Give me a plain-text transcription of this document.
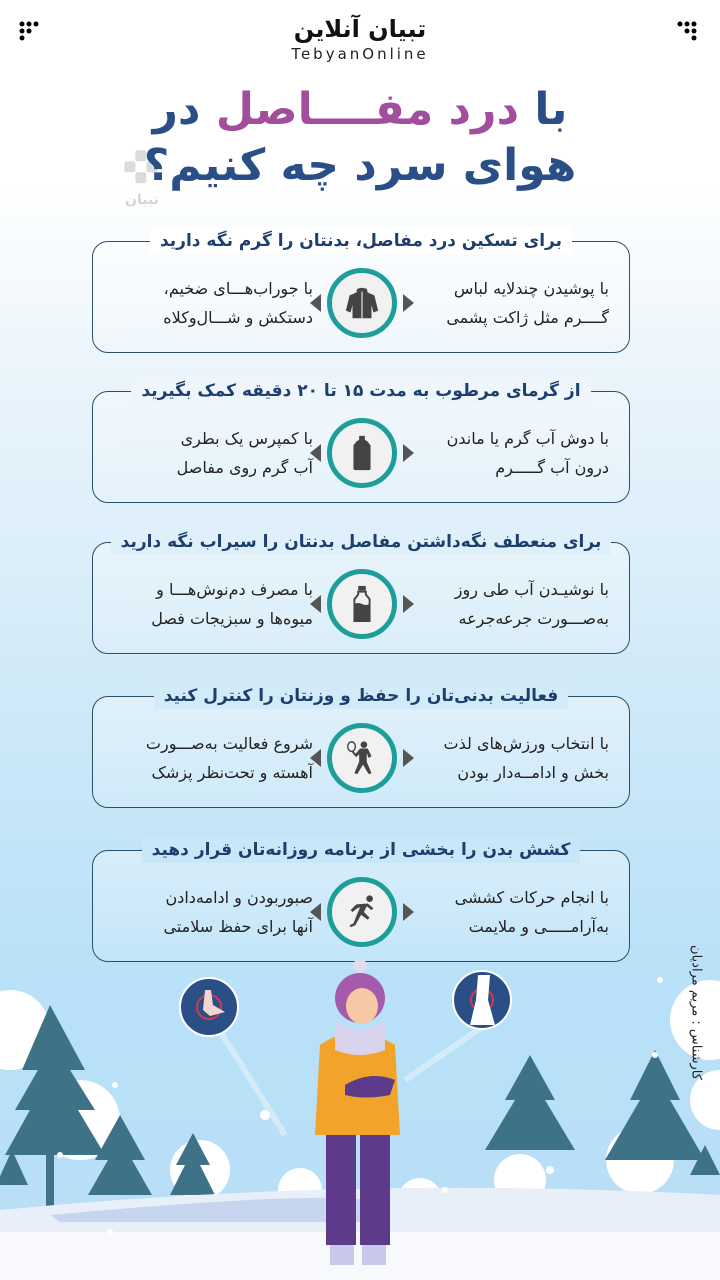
تبیان آنلاین
TebyanOnline
تبیان
با درد مفــــاصل در
هوای سرد چه کنیم؟
برای تسکین درد مفاصل، بدنتان را گرم نگه دارید
با پوشیدن چندلایه لباس
گــــرم مثل ژاکت پشمی
با جوراب‌هـــای ضخیم،
دستکش و شـــال‌وکلاه
از گرمای مرطوب به مدت ۱۵ تا ۲۰ دقیقه کمک بگیرید
با دوش آب گرم یا ماندن
درون آب گـــــرم
با کمپرس یک بطری
آب گرم روی مفاصل
برای منعطف نگه‌داشتن مفاصل بدنتان را سیراب نگه دارید
با نوشیـدن آب طی روز
به‌صـــورت جرعه‌جرعه
با مصرف دم‌نوش‌هـــا و
میوه‌ها و سبزیجات فصل
فعالیت بدنی‌تان را حفظ و وزنتان را کنترل کنید
با انتخاب ورزش‌های لذت
بخش و ادامــه‌دار بودن
شروع فعالیت به‌صـــورت
آهسته و تحت‌نظر پزشک
کشش بدن را بخشی از برنامه روزانه‌تان قرار دهید
با انجام حرکات کششی
به‌آرامـــــی و ملایمت
صبوربودن و ادامه‌دادن
آنها برای حفظ سلامتی
کارشناس : مریم مرادیان
